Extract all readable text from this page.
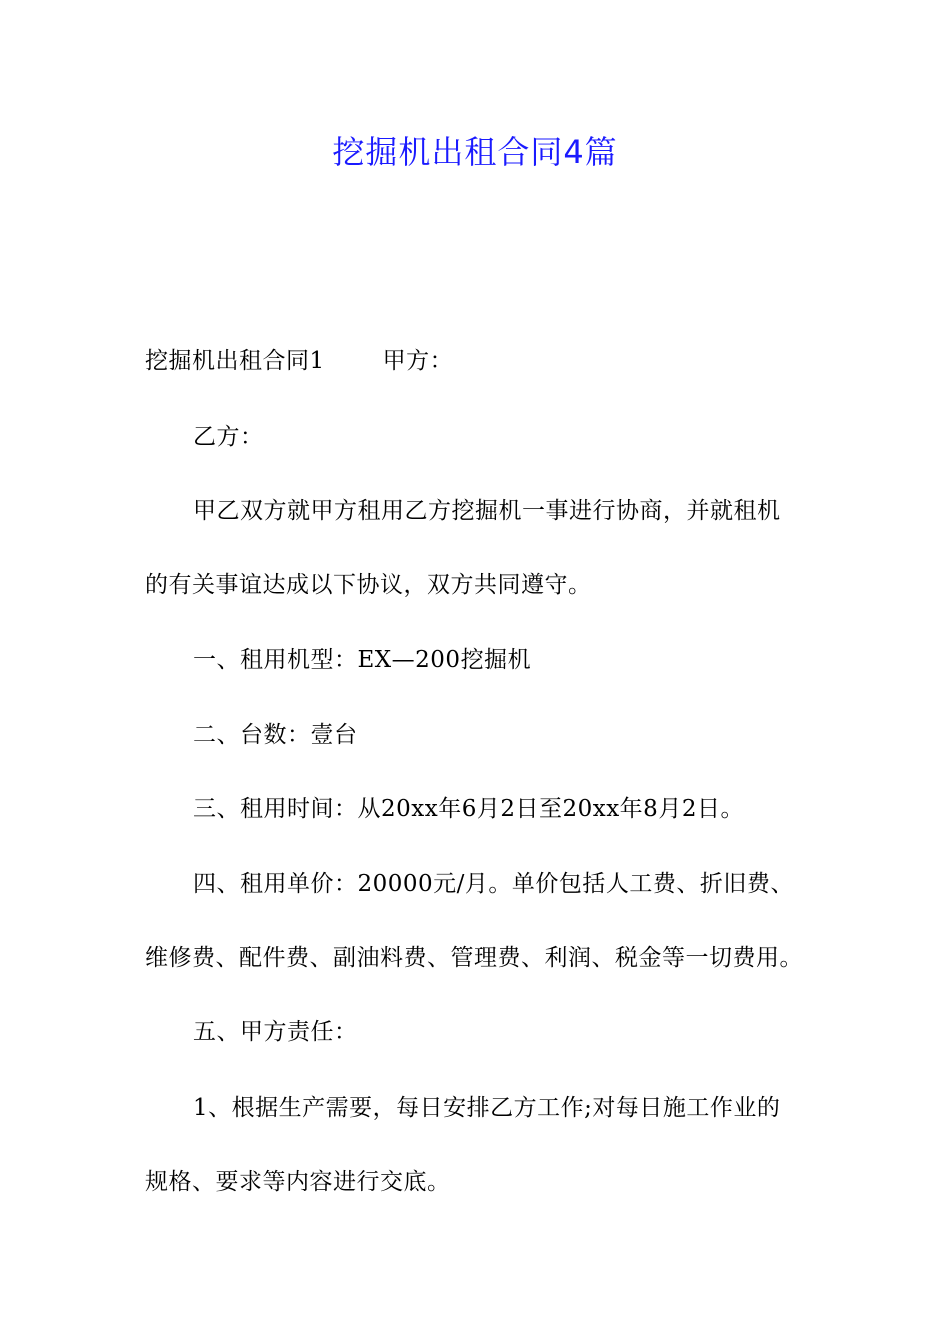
挖掘机出租合同4篇
挖掘机出租合同1	甲方：
乙方：
甲乙双方就甲方租用乙方挖掘机一事进行协商，并就租机
的有关事谊达成以下协议，双方共同遵守。
一、租用机型：EX—200挖掘机
二、台数：壹台
三、租用时间：从20xx年6月2日至20xx年8月2日。
四、租用单价：20000元/月。单价包括人工费、折旧费、
维修费、配件费、副油料费、管理费、利润、税金等一切费用。
五、甲方责任：
1、根据生产需要，每日安排乙方工作;对每日施工作业的
规格、要求等内容进行交底。
